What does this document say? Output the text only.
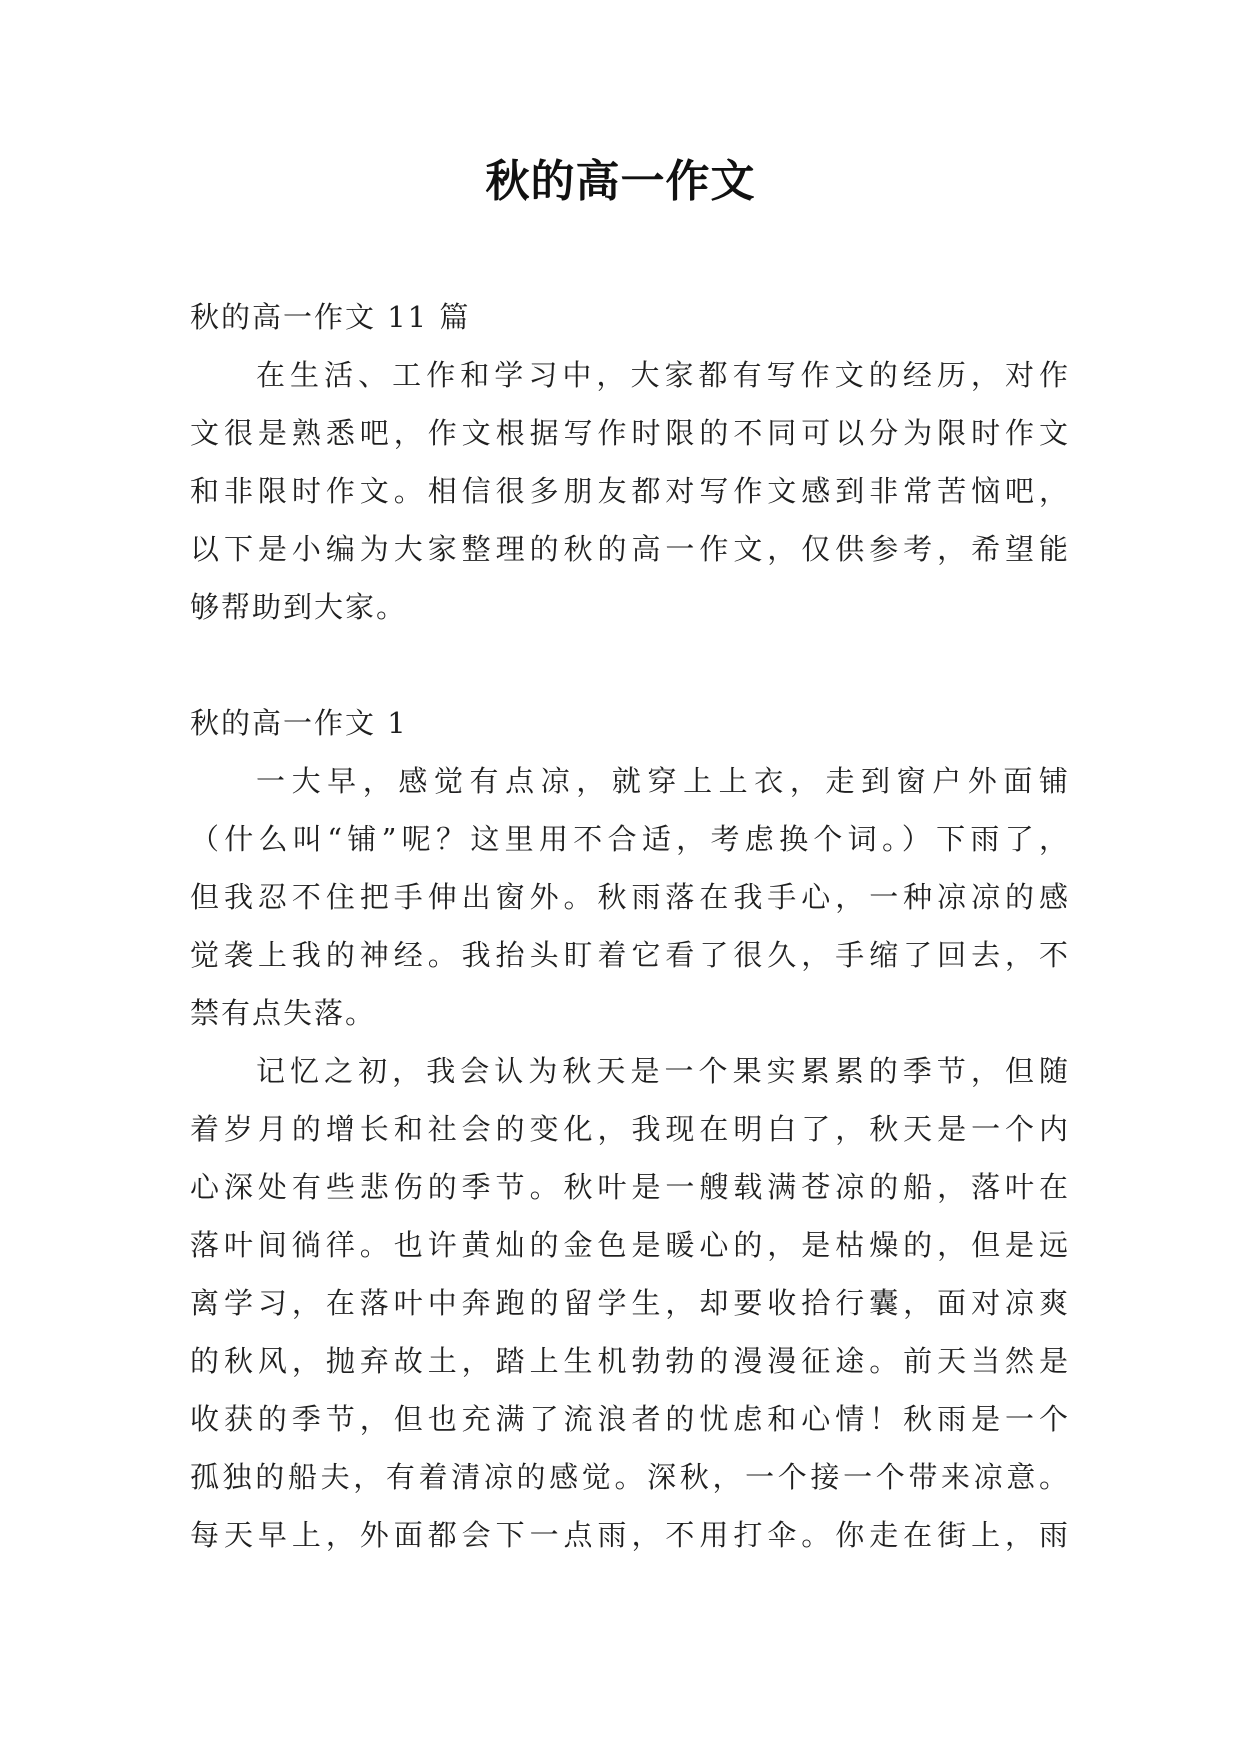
秋的高一作文
秋的高一作文 11 篇
在生活、工作和学习中，大家都有写作文的经历，对作
文很是熟悉吧，作文根据写作时限的不同可以分为限时作文
和非限时作文。相信很多朋友都对写作文感到非常苦恼吧，
以下是小编为大家整理的秋的高一作文，仅供参考，希望能
够帮助到大家。
秋的高一作文 1
一大早，感觉有点凉，就穿上上衣，走到窗户外面铺
（什么叫“铺”呢？这里用不合适，考虑换个词。）下雨了，
但我忍不住把手伸出窗外。秋雨落在我手心，一种凉凉的感
觉袭上我的神经。我抬头盯着它看了很久，手缩了回去，不
禁有点失落。
记忆之初，我会认为秋天是一个果实累累的季节，但随
着岁月的增长和社会的变化，我现在明白了，秋天是一个内
心深处有些悲伤的季节。秋叶是一艘载满苍凉的船，落叶在
落叶间徜徉。也许黄灿的金色是暖心的，是枯燥的，但是远
离学习，在落叶中奔跑的留学生，却要收拾行囊，面对凉爽
的秋风，抛弃故土，踏上生机勃勃的漫漫征途。前天当然是
收获的季节，但也充满了流浪者的忧虑和心情！秋雨是一个
孤独的船夫，有着清凉的感觉。深秋，一个接一个带来凉意。
每天早上，外面都会下一点雨，不用打伞。你走在街上，雨
